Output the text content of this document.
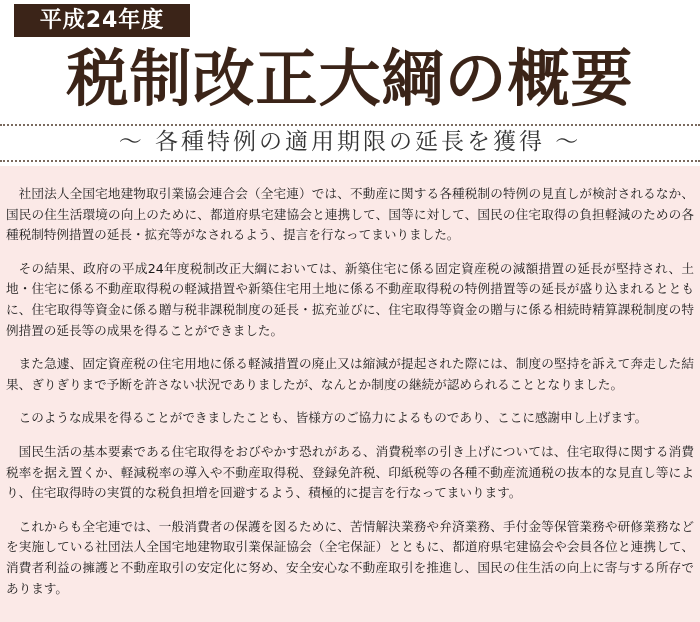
平成24年度
税制改正大綱の概要
～ 各種特例の適用期限の延長を獲得 ～

社団法人全国宅地建物取引業協会連合会（全宅連）では、不動産に関する各種税制の特例の見直しが検討されるなか、国民の住生活環境の向上のために、都道府県宅建協会と連携して、国等に対して、国民の住宅取得の負担軽減のための各種税制特例措置の延長・拡充等がなされるよう、提言を行なってまいりました。

その結果、政府の平成24年度税制改正大綱においては、新築住宅に係る固定資産税の減額措置の延長が堅持され、土地・住宅に係る不動産取得税の軽減措置や新築住宅用土地に係る不動産取得税の特例措置等の延長が盛り込まれるとともに、住宅取得等資金に係る贈与税非課税制度の延長・拡充並びに、住宅取得等資金の贈与に係る相続時精算課税制度の特例措置の延長等の成果を得ることができました。

また急遽、固定資産税の住宅用地に係る軽減措置の廃止又は縮減が提起された際には、制度の堅持を訴えて奔走した結果、ぎりぎりまで予断を許さない状況でありましたが、なんとか制度の継続が認められることとなりました。

このような成果を得ることができましたことも、皆様方のご協力によるものであり、ここに感謝申し上げます。

国民生活の基本要素である住宅取得をおびやかす恐れがある、消費税率の引き上げについては、住宅取得に関する消費税率を据え置くか、軽減税率の導入や不動産取得税、登録免許税、印紙税等の各種不動産流通税の抜本的な見直し等により、住宅取得時の実質的な税負担増を回避するよう、積極的に提言を行なってまいります。

これからも全宅連では、一般消費者の保護を図るために、苦情解決業務や弁済業務、手付金等保管業務や研修業務などを実施している社団法人全国宅地建物取引業保証協会（全宅保証）とともに、都道府県宅建協会や会員各位と連携して、消費者利益の擁護と不動産取引の安定化に努め、安全安心な不動産取引を推進し、国民の住生活の向上に寄与する所存であります。
